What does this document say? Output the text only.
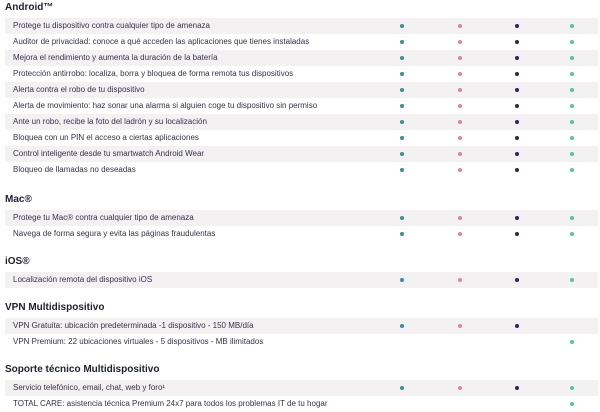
Android™
Protege tu dispositivo contra cualquier tipo de amenaza
Auditor de privacidad: conoce a qué acceden las aplicaciones que tienes instaladas
Mejora el rendimiento y aumenta la duración de la batería
Protección antirrobo: localiza, borra y bloquea de forma remota tus dispositivos
Alerta contra el robo de tu dispositivo
Alerta de movimiento: haz sonar una alarma si alguien coge tu dispositivo sin permiso
Ante un robo, recibe la foto del ladrón y su localización
Bloquea con un PIN el acceso a ciertas aplicaciones
Control inteligente desde tu smartwatch Android Wear
Bloqueo de llamadas no deseadas
Mac®
Protege tu Mac® contra cualquier tipo de amenaza
Navega de forma segura y evita las páginas fraudulentas
iOS®
Localización remota del dispositivo iOS
VPN Multidispositivo
VPN Gratuita: ubicación predeterminada -1 dispositivo - 150 MB/día
VPN Premium: 22 ubicaciones virtuales - 5 dispositivos - MB ilimitados
Soporte técnico Multidispositivo
Servicio telefónico, email, chat, web y foro¹
TOTAL CARE: asistencia técnica Premium 24x7 para todos los problemas IT de tu hogar
